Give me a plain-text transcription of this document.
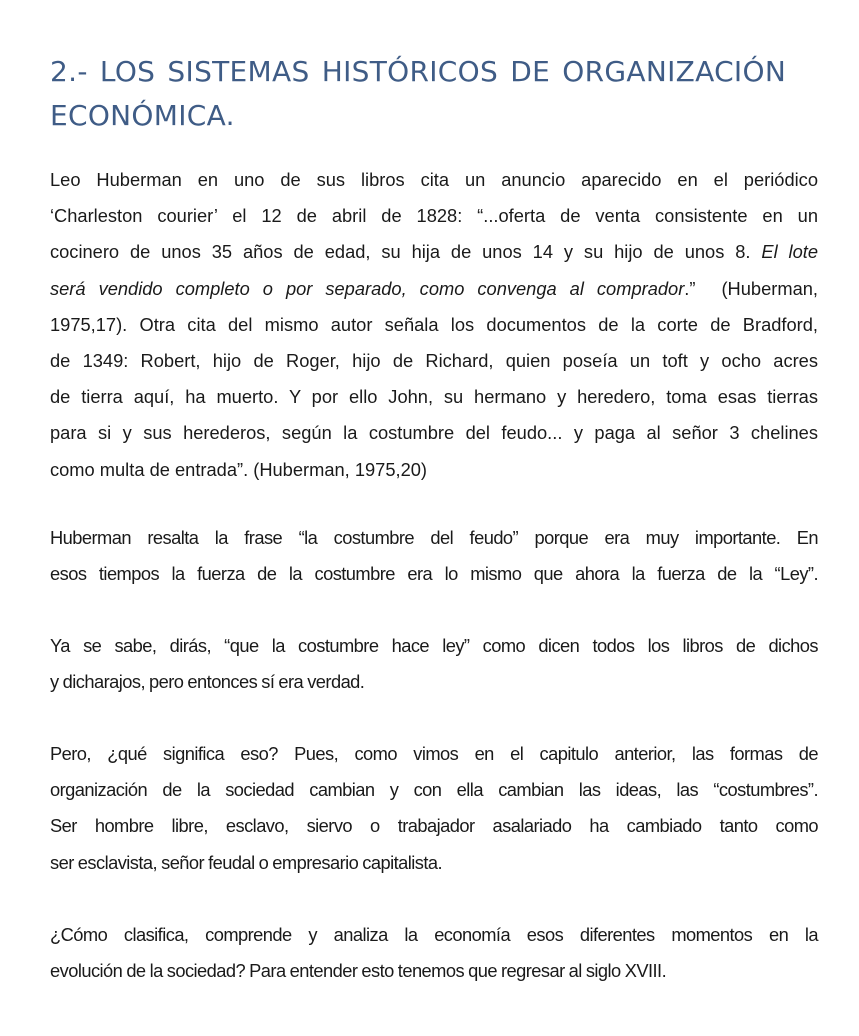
2.- LOS SISTEMAS HISTÓRICOS DE ORGANIZACIÓN
ECONÓMICA.

Leo Huberman en uno de sus libros cita un anuncio aparecido en el periódico
‘Charleston courier’ el 12 de abril de 1828: “...oferta de venta consistente en un
cocinero de unos 35 años de edad, su hija de unos 14 y su hijo de unos 8. El lote
será vendido completo o por separado, como convenga al comprador.”  (Huberman,
1975,17). Otra cita del mismo autor señala los documentos de la corte de Bradford,
de 1349: Robert, hijo de Roger, hijo de Richard, quien poseía un toft y ocho acres
de tierra aquí, ha muerto. Y por ello John, su hermano y heredero, toma esas tierras
para si y sus herederos, según la costumbre del feudo... y paga al señor 3 chelines
como multa de entrada”. (Huberman, 1975,20)

Huberman resalta la frase “la costumbre del feudo” porque era muy importante. En
esos tiempos la fuerza de la costumbre era lo mismo que ahora la fuerza de la “Ley”.

Ya se sabe, dirás, “que la costumbre hace ley” como dicen todos los libros de dichos
y dicharajos, pero entonces sí era verdad.

Pero, ¿qué significa eso? Pues, como vimos en el capitulo anterior, las formas de
organización de la sociedad cambian y con ella cambian las ideas, las “costumbres”.
Ser hombre libre, esclavo, siervo o trabajador asalariado ha cambiado tanto como
ser esclavista, señor feudal o empresario capitalista.

¿Cómo clasifica, comprende y analiza la economía esos diferentes momentos en la
evolución de la sociedad? Para entender esto tenemos que regresar al siglo XVIII.
